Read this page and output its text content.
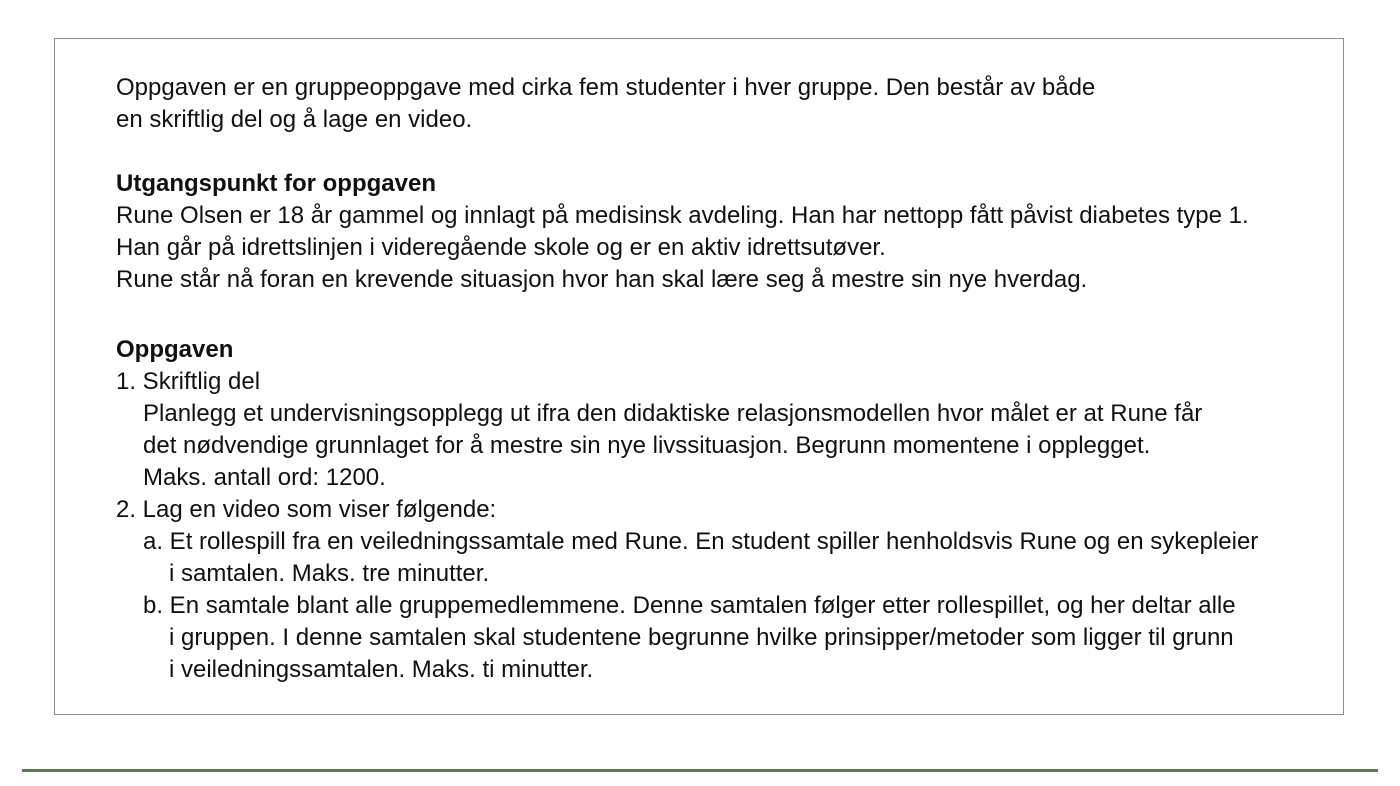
Oppgaven er en gruppeoppgave med cirka fem studenter i hver gruppe. Den består av både
en skriftlig del og å lage en video.
Utgangspunkt for oppgaven
Rune Olsen er 18 år gammel og innlagt på medisinsk avdeling. Han har nettopp fått påvist diabetes type 1.
Han går på idrettslinjen i videregående skole og er en aktiv idrettsutøver.
Rune står nå foran en krevende situasjon hvor han skal lære seg å mestre sin nye hverdag.
Oppgaven
1. Skriftlig del
Planlegg et undervisningsopplegg ut ifra den didaktiske relasjonsmodellen hvor målet er at Rune får
det nødvendige grunnlaget for å mestre sin nye livssituasjon. Begrunn momentene i opplegget.
Maks. antall ord: 1200.
2. Lag en video som viser følgende:
a. Et rollespill fra en veiledningssamtale med Rune. En student spiller henholdsvis Rune og en sykepleier
i samtalen. Maks. tre minutter.
b. En samtale blant alle gruppemedlemmene. Denne samtalen følger etter rollespillet, og her deltar alle
i gruppen. I denne samtalen skal studentene begrunne hvilke prinsipper/metoder som ligger til grunn
i veiledningssamtalen. Maks. ti minutter.
